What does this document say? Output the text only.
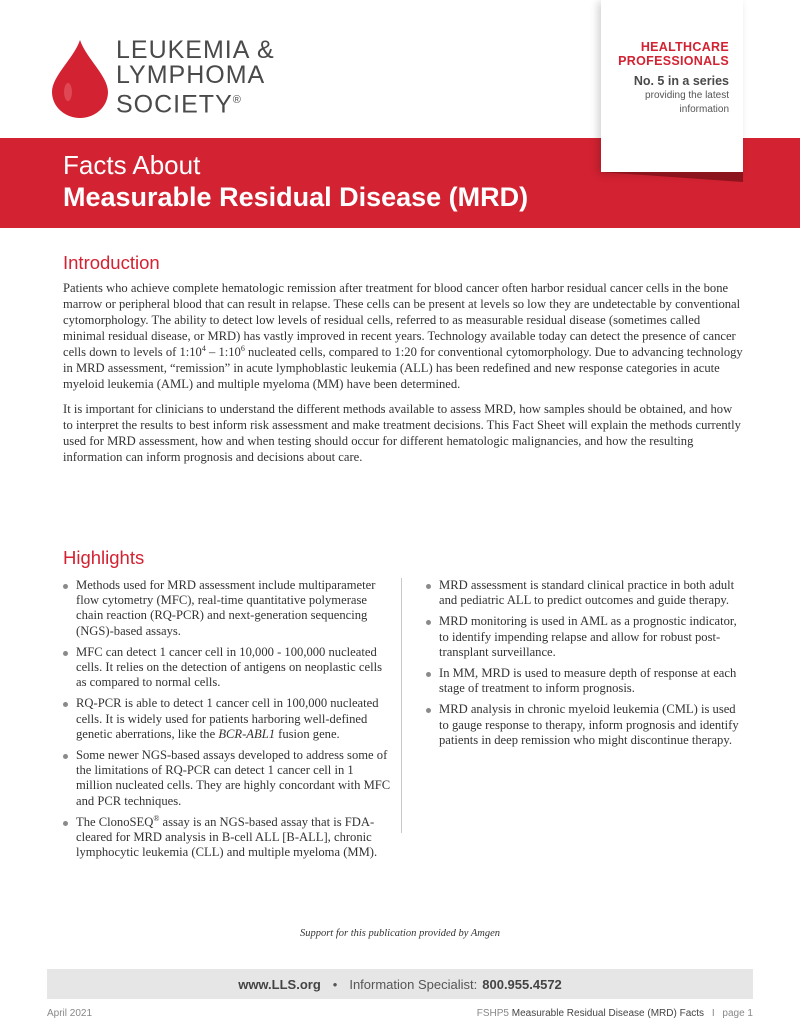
LEUKEMIA &
LYMPHOMA
SOCIETY®
HEALTHCARE
PROFESSIONALS
No. 5 in a series
providing the latest
information
Facts About
Measurable Residual Disease (MRD)
Introduction

Patients who achieve complete hematologic remission after treatment for blood cancer often harbor residual cancer cells in the bone marrow or peripheral blood that can result in relapse. These cells can be present at levels so low they are undetectable by conventional cytomorphology. The ability to detect low levels of residual cells, referred to as measurable residual disease (sometimes called minimal residual disease, or MRD) has vastly improved in recent years. Technology available today can detect the presence of cancer cells down to levels of $1:10^4$ – $1:10^6$ nucleated cells, compared to 1:20 for conventional cytomorphology. Due to advancing technology in MRD assessment, “remission” in acute lymphoblastic leukemia (ALL) has been redefined and new response categories in acute myeloid leukemia (AML) and multiple myeloma (MM) have been determined.

It is important for clinicians to understand the different methods available to assess MRD, how samples should be obtained, and how to interpret the results to best inform risk assessment and make treatment decisions. This Fact Sheet will explain the methods currently used for MRD assessment, how and when testing should occur for different hematologic malignancies, and how the resulting information can inform prognosis and decisions about care.

Highlights
Methods used for MRD assessment include multiparameter flow cytometry (MFC), real-time quantitative polymerase chain reaction (RQ-PCR) and next-generation sequencing (NGS)-based assays.
MFC can detect 1 cancer cell in 10,000 - 100,000 nucleated cells. It relies on the detection of antigens on neoplastic cells as compared to normal cells.
RQ-PCR is able to detect 1 cancer cell in 100,000 nucleated cells. It is widely used for patients harboring well-defined genetic aberrations, like the BCR-ABL1 fusion gene.
Some newer NGS-based assays developed to address some of the limitations of RQ-PCR can detect 1 cancer cell in 1 million nucleated cells. They are highly concordant with MFC and PCR techniques.
The ClonoSEQ® assay is an NGS-based assay that is FDA-cleared for MRD analysis in B-cell ALL [B-ALL], chronic lymphocytic leukemia (CLL) and multiple myeloma (MM).
MRD assessment is standard clinical practice in both adult and pediatric ALL to predict outcomes and guide therapy.
MRD monitoring is used in AML as a prognostic indicator, to identify impending relapse and allow for robust post-transplant surveillance.
In MM, MRD is used to measure depth of response at each stage of treatment to inform prognosis.
MRD analysis in chronic myeloid leukemia (CML) is used to gauge response to therapy, inform prognosis and identify patients in deep remission who might discontinue therapy.
Support for this publication provided by Amgen
www.LLS.org • Information Specialist: 800.955.4572
April 2021	FSHP5 Measurable Residual Disease (MRD) Facts I page 1
